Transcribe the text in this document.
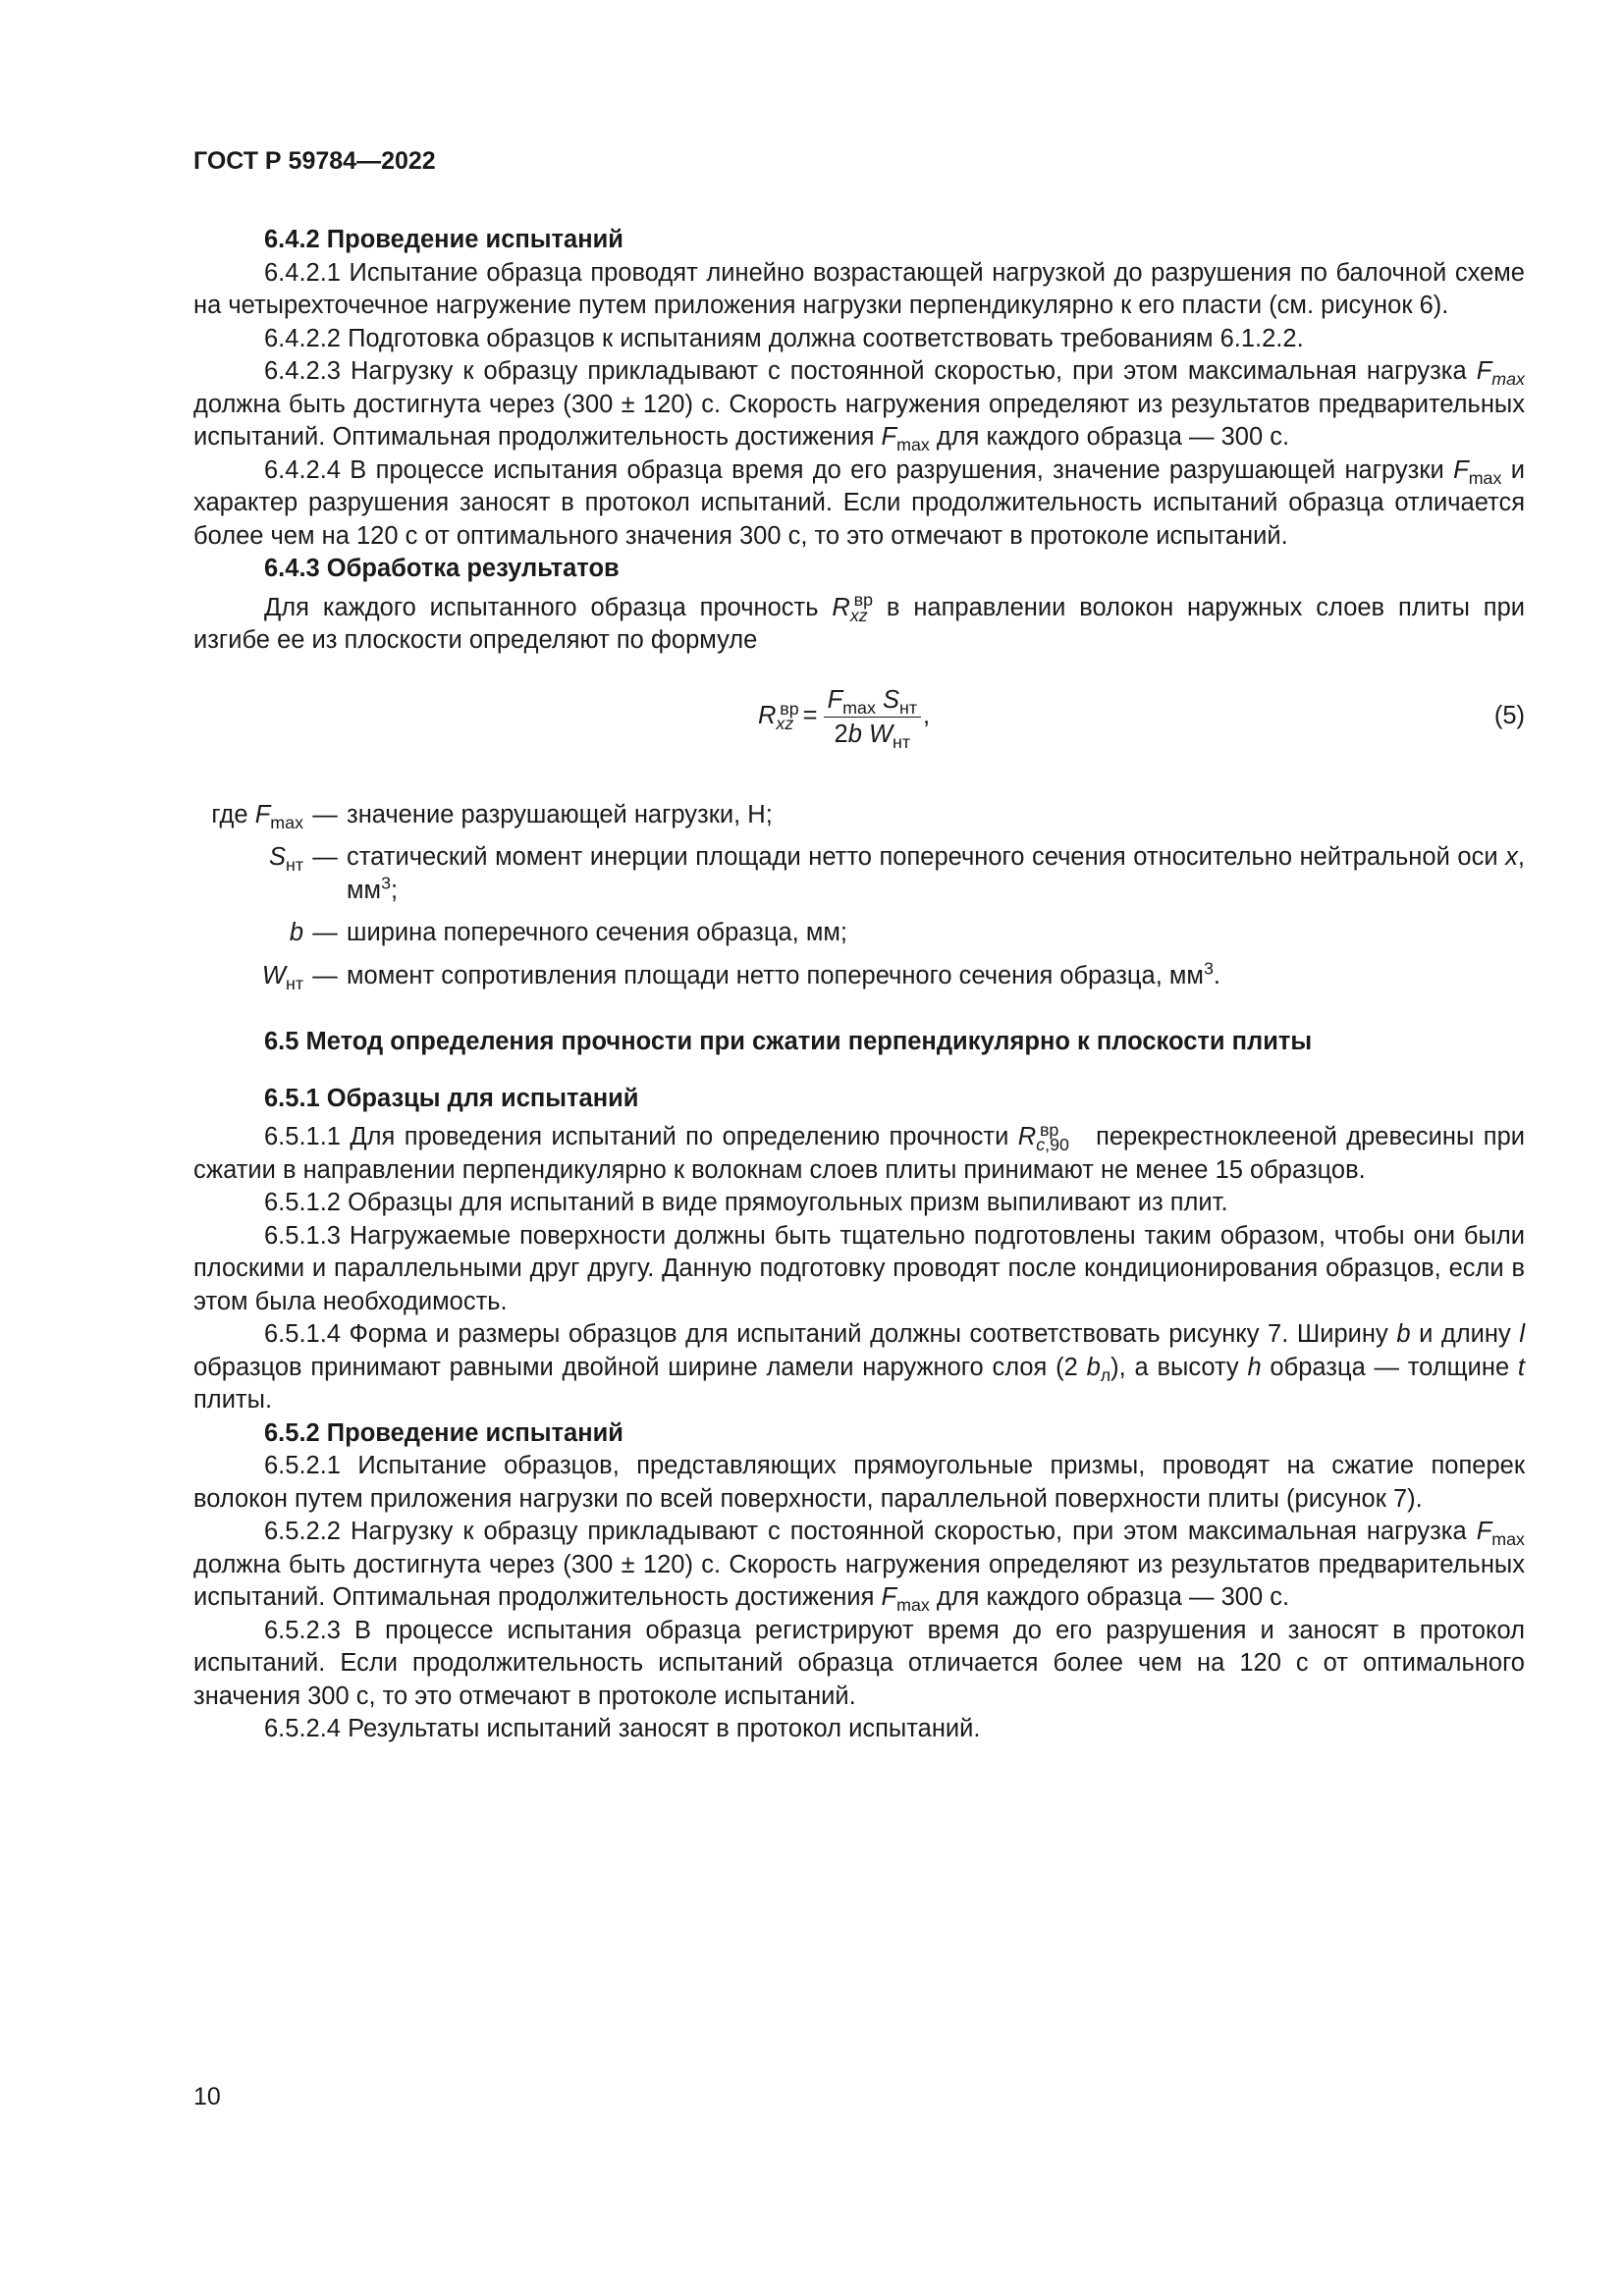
ГОСТ Р 59784—2022

6.4.2 Проведение испытаний

6.4.2.1 Испытание образца проводят линейно возрастающей нагрузкой до разрушения по балочной схеме на четырехточечное нагружение путем приложения нагрузки перпендикулярно к его пласти (см. рисунок 6).

6.4.2.2 Подготовка образцов к испытаниям должна соответствовать требованиям 6.1.2.2.

6.4.2.3 Нагрузку к образцу прикладывают с постоянной скоростью, при этом максимальная нагрузка $F_{max}$ должна быть достигнута через (300 ± 120) с. Скорость нагружения определяют из результатов предварительных испытаний. Оптимальная продолжительность достижения $F_{max}$ для каждого образца — 300 с.

6.4.2.4 В процессе испытания образца время до его разрушения, значение разрушающей нагрузки $F_{max}$ и характер разрушения заносят в протокол испытаний. Если продолжительность испытаний образца отличается более чем на 120 с от оптимального значения 300 с, то это отмечают в протоколе испытаний.

6.4.3 Обработка результатов

Для каждого испытанного образца прочность $R_{xz}^{вр}$ в направлении волокон наружных слоев плиты при изгибе ее из плоскости определяют по формуле

$R_{xz}^{вр} = \frac{F_{max} S_{нт}}{2b W_{нт}}$ ,	(5)
где $F_{max}$	—	значение разрушающей нагрузки, Н;
$S_{нт}$	—	статический момент инерции площади нетто поперечного сечения относительно нейтральной оси x, $мм^3$;
b	—	ширина поперечного сечения образца, мм;
$W_{нт}$	—	момент сопротивления площади нетто поперечного сечения образца, $мм^3$.

6.5 Метод определения прочности при сжатии перпендикулярно к плоскости плиты

6.5.1 Образцы для испытаний

6.5.1.1 Для проведения испытаний по определению прочности $R_{c,90}^{вр}$ перекрестноклееной древесины при сжатии в направлении перпендикулярно к волокнам слоев плиты принимают не менее 15 образцов.

6.5.1.2 Образцы для испытаний в виде прямоугольных призм выпиливают из плит.

6.5.1.3 Нагружаемые поверхности должны быть тщательно подготовлены таким образом, чтобы они были плоскими и параллельными друг другу. Данную подготовку проводят после кондиционирования образцов, если в этом была необходимость.

6.5.1.4 Форма и размеры образцов для испытаний должны соответствовать рисунку 7. Ширину b и длину l образцов принимают равными двойной ширине ламели наружного слоя (2 $b_л$), а высоту h образца — толщине t плиты.

6.5.2 Проведение испытаний

6.5.2.1 Испытание образцов, представляющих прямоугольные призмы, проводят на сжатие поперек волокон путем приложения нагрузки по всей поверхности, параллельной поверхности плиты (рисунок 7).

6.5.2.2 Нагрузку к образцу прикладывают с постоянной скоростью, при этом максимальная нагрузка $F_{max}$ должна быть достигнута через (300 ± 120) с. Скорость нагружения определяют из результатов предварительных испытаний. Оптимальная продолжительность достижения $F_{max}$ для каждого образца — 300 с.

6.5.2.3 В процессе испытания образца регистрируют время до его разрушения и заносят в протокол испытаний. Если продолжительность испытаний образца отличается более чем на 120 с от оптимального значения 300 с, то это отмечают в протоколе испытаний.

6.5.2.4 Результаты испытаний заносят в протокол испытаний.

10
